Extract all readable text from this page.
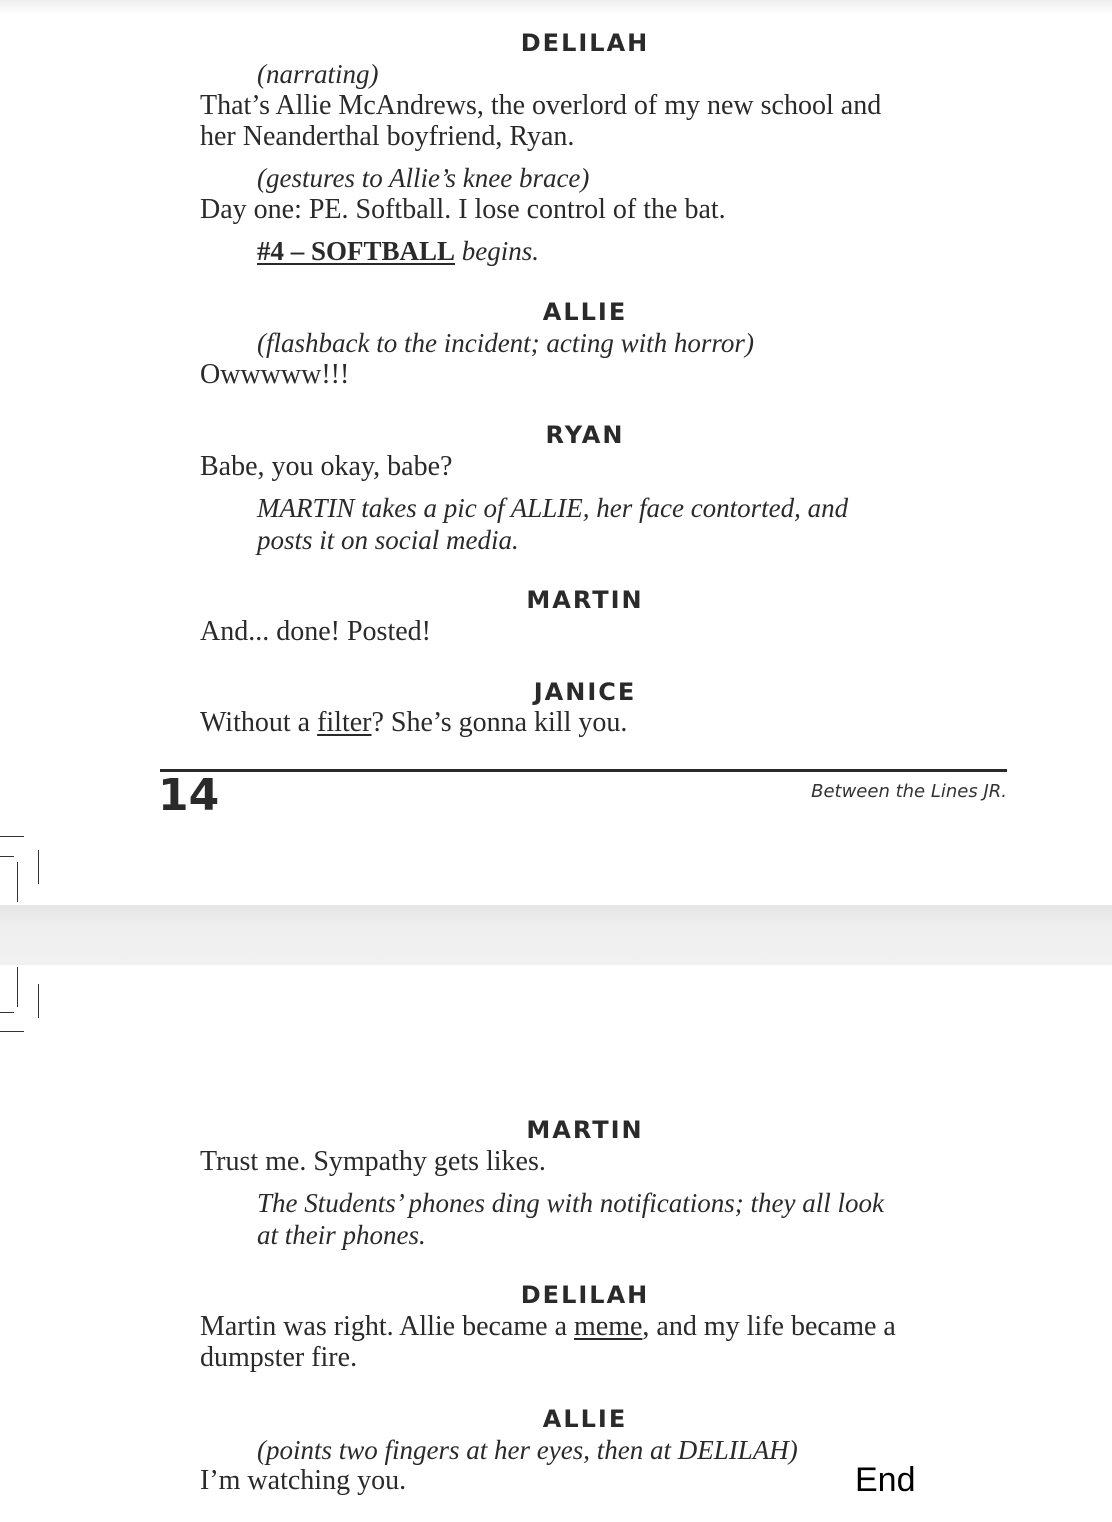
DELILAH
(narrating)
That’s Allie McAndrews, the overlord of my new school and
her Neanderthal boyfriend, Ryan.
(gestures to Allie’s knee brace)
Day one: PE. Softball. I lose control of the bat.
#4 – SOFTBALL begins.
ALLIE
(flashback to the incident; acting with horror)
Owwwww!!!
RYAN
Babe, you okay, babe?
MARTIN takes a pic of ALLIE, her face contorted, and
posts it on social media.
MARTIN
And... done! Posted!
JANICE
Without a filter? She’s gonna kill you.
14	Between the Lines JR.
MARTIN
Trust me. Sympathy gets likes.
The Students’ phones ding with notifications; they all look
at their phones.
DELILAH
Martin was right. Allie became a meme, and my life became a
dumpster fire.
ALLIE
(points two fingers at her eyes, then at DELILAH)
I’m watching you.	End
